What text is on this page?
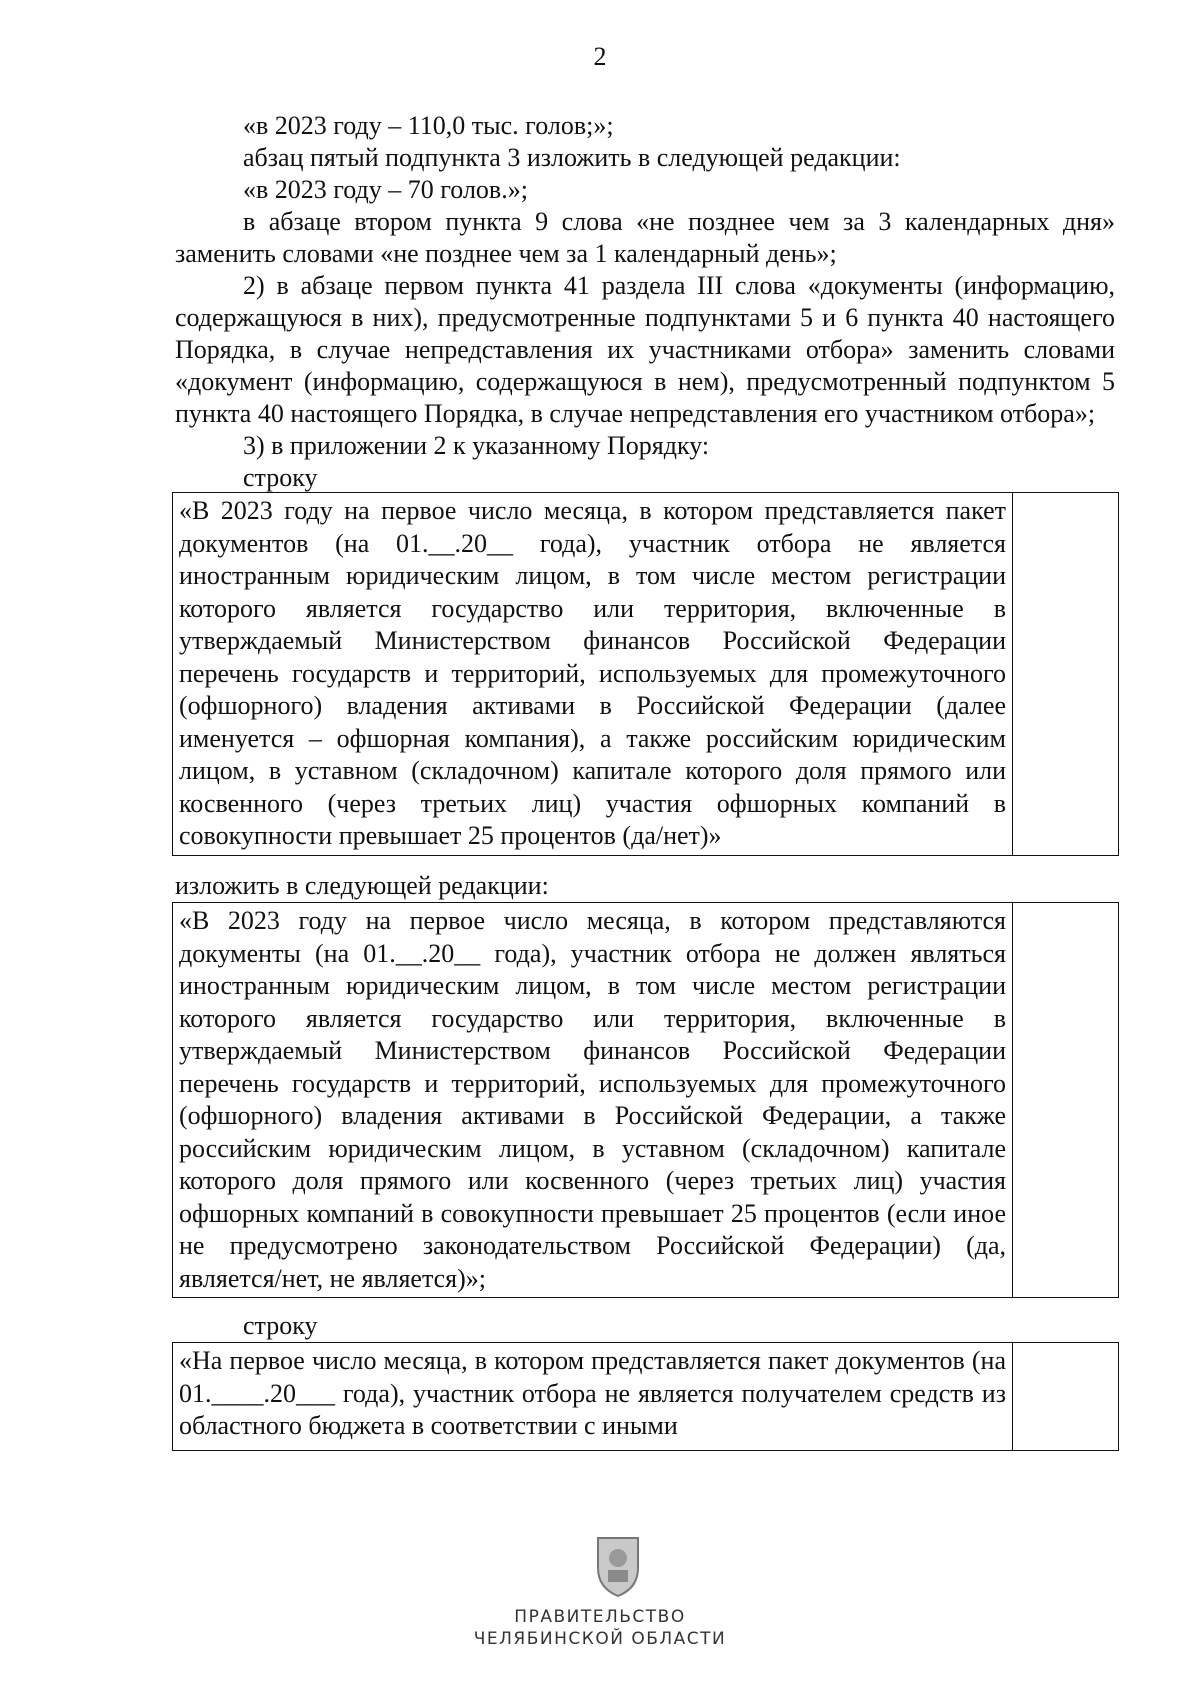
2

«в 2023 году – 110,0 тыс. голов;»;

абзац пятый подпункта 3 изложить в следующей редакции:

«в 2023 году – 70 голов.»;

в абзаце втором пункта 9 слова «не позднее чем за 3 календарных дня» заменить словами «не позднее чем за 1 календарный день»;

2) в абзаце первом пункта 41 раздела III слова «документы (информацию, содержащуюся в них), предусмотренные подпунктами 5 и 6 пункта 40 настоящего Порядка, в случае непредставления их участниками отбора» заменить словами «документ (информацию, содержащуюся в нем), предусмотренный подпунктом 5 пункта 40 настоящего Порядка, в случае непредставления его участником отбора»;

3) в приложении 2 к указанному Порядку:

строку

«В 2023 году на первое число месяца, в котором представляется пакет документов (на 01.__.20__ года), участник отбора не является иностранным юридическим лицом, в том числе местом регистрации которого является государство или территория, включенные в утверждаемый Министерством финансов Российской Федерации перечень государств и территорий, используемых для промежуточного (офшорного) владения активами в Российской Федерации (далее именуется – офшорная компания), а также российским юридическим лицом, в уставном (складочном) капитале которого доля прямого или косвенного (через третьих лиц) участия офшорных компаний в совокупности превышает 25 процентов (да/нет)»
изложить в следующей редакции:
«В 2023 году на первое число месяца, в котором представляются документы (на 01.__.20__ года), участник отбора не должен являться иностранным юридическим лицом, в том числе местом регистрации которого является государство или территория, включенные в утверждаемый Министерством финансов Российской Федерации перечень государств и территорий, используемых для промежуточного (офшорного) владения активами в Российской Федерации, а также российским юридическим лицом, в уставном (складочном) капитале которого доля прямого или косвенного (через третьих лиц) участия офшорных компаний в совокупности превышает 25 процентов (если иное не предусмотрено законодательством Российской Федерации) (да, является/нет, не является)»;
строку
«На первое число месяца, в котором представляется пакет документов (на 01.____.20___ года), участник отбора не является получателем средств из областного бюджета в соответствии с иными
ПРАВИТЕЛЬСТВО
ЧЕЛЯБИНСКОЙ ОБЛАСТИ
